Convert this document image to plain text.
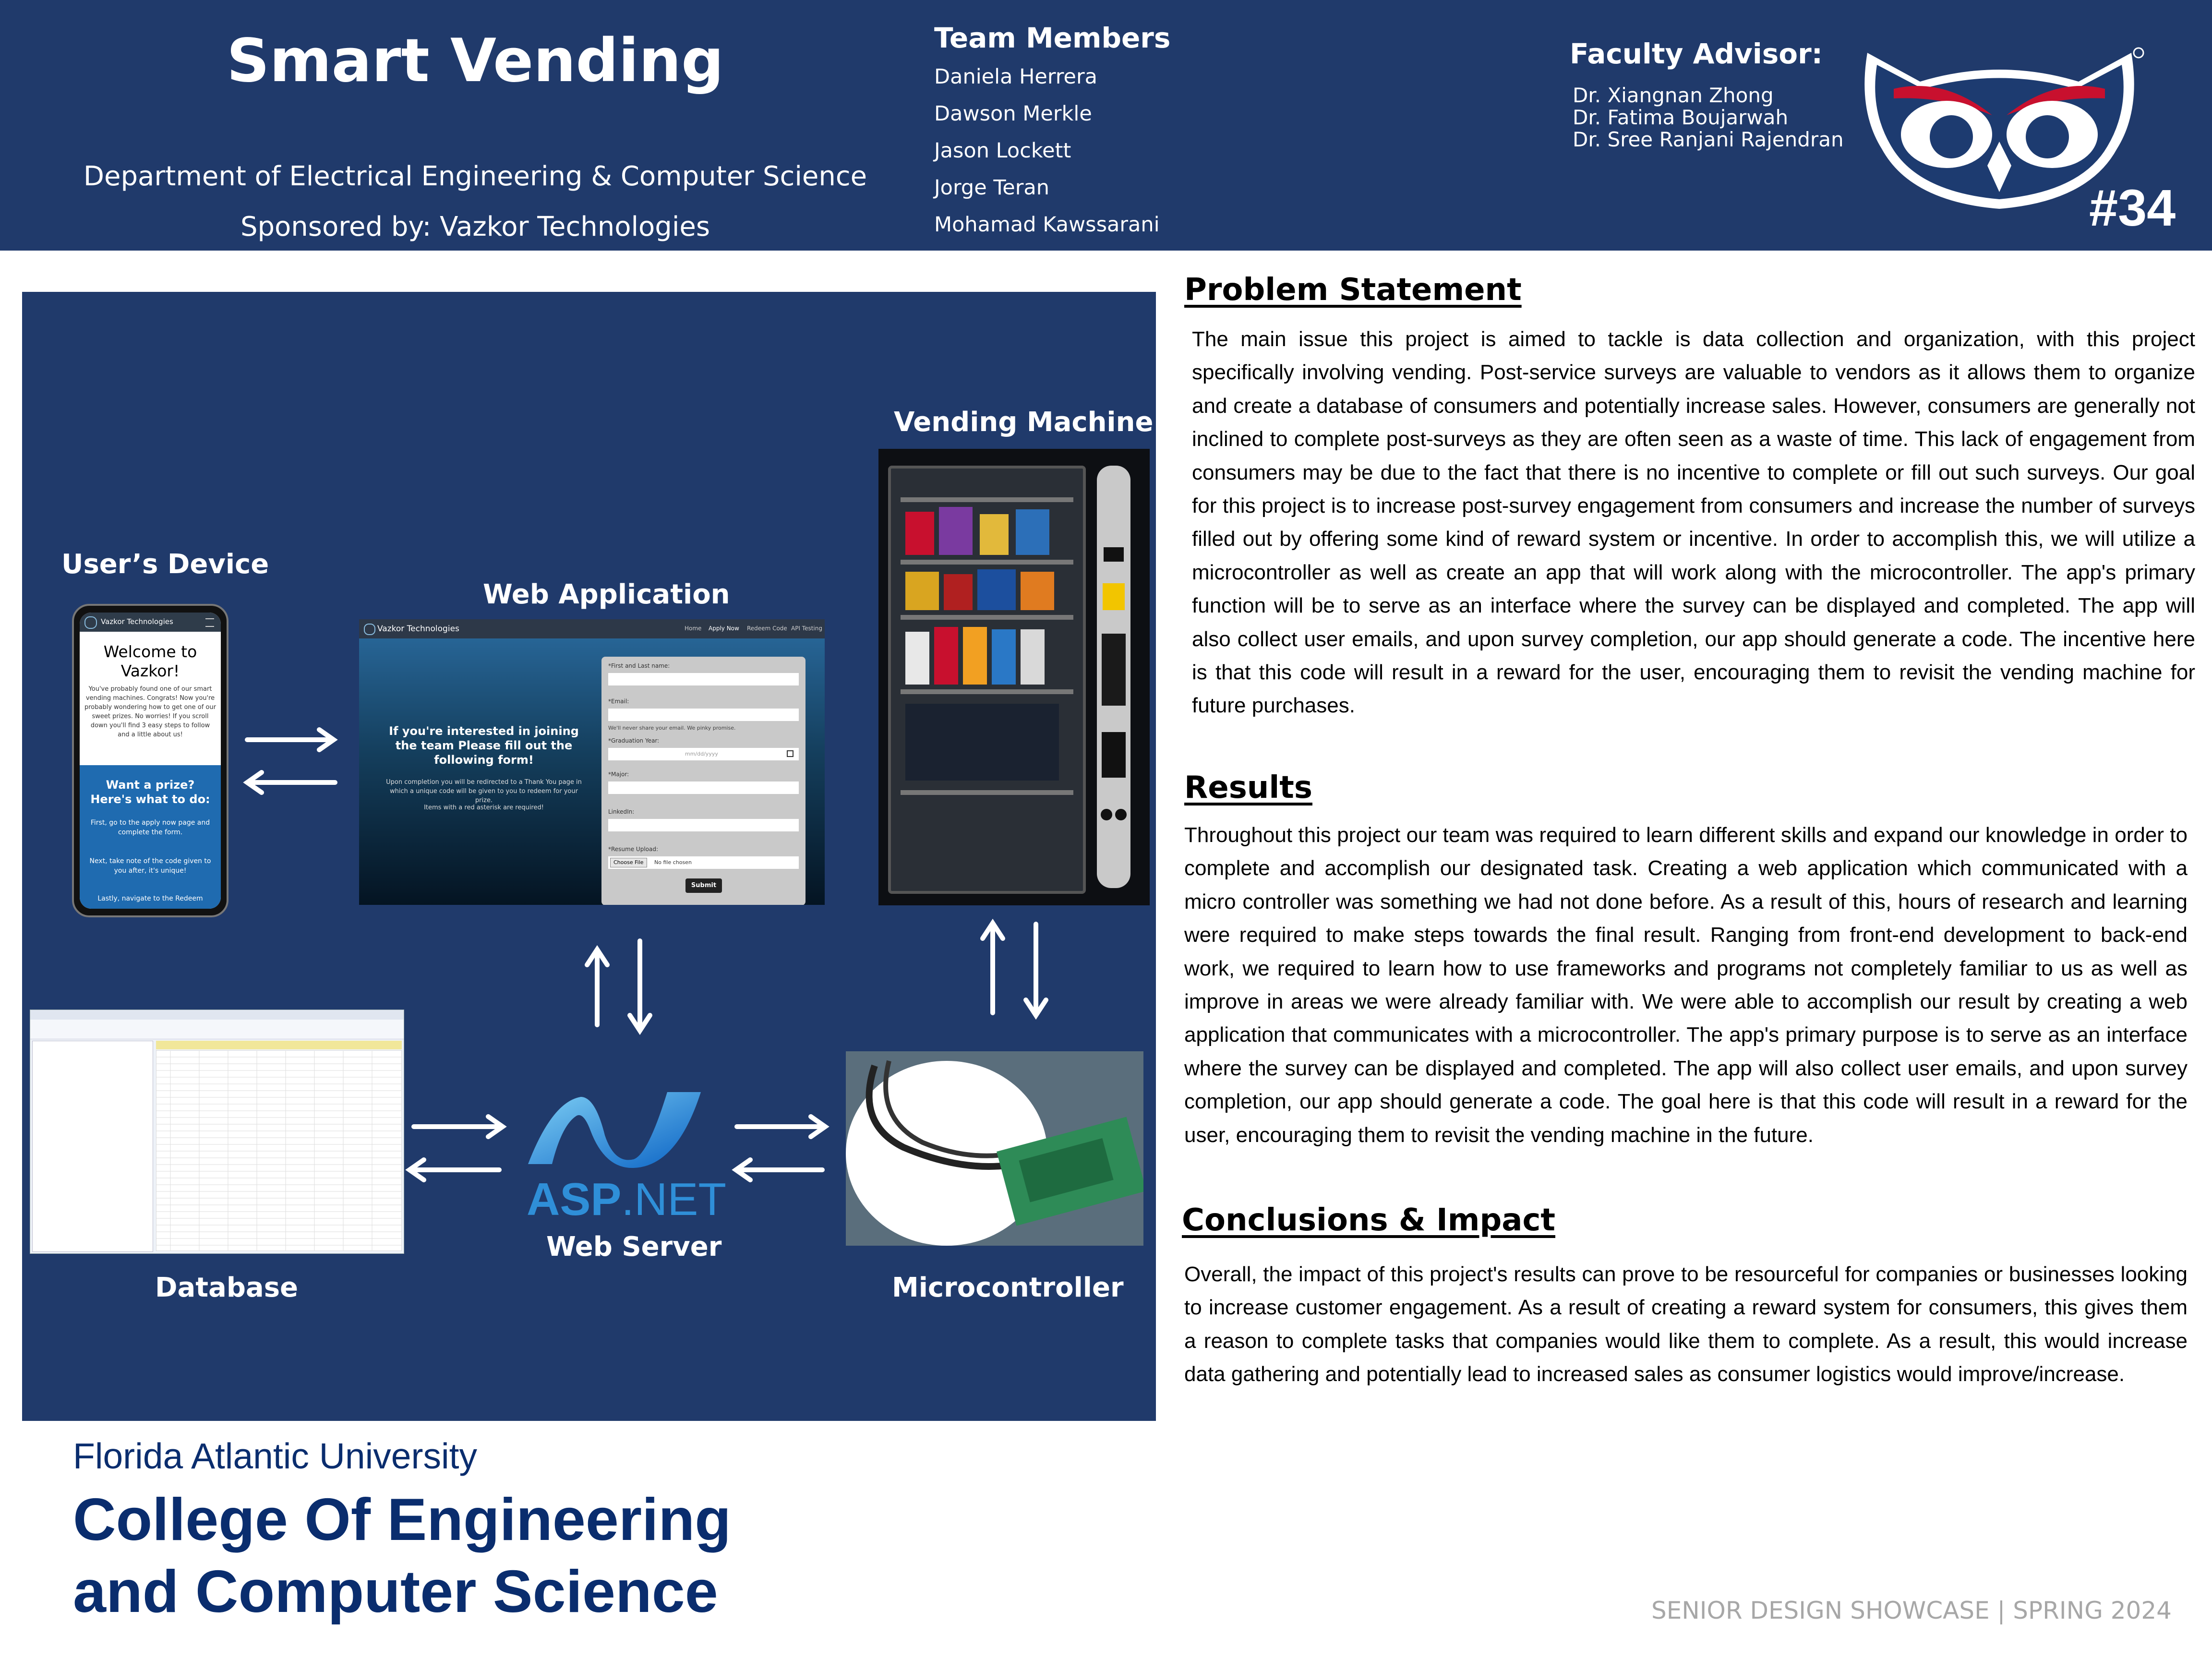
Smart Vending
Department of Electrical Engineering & Computer Science
Sponsored by: Vazkor Technologies
Team Members
Daniela Herrera
Dawson Merkle
Jason Lockett
Jorge Teran
Mohamad Kawssarani
Faculty Advisor:
Dr. Xiangnan Zhong
Dr. Fatima Boujarwah
Dr. Sree Ranjani Rajendran
#34
User’s Device
Web Application
Vending Machine
Database
Web Server
Microcontroller
Vazkor Technologies
Welcome to Vazkor!
You've probably found one of our smart vending machines. Congrats! Now you're probably wondering how to get one of our sweet prizes. No worries! If you scroll down you'll find 3 easy steps to follow and a little about us!
Want a prize? Here's what to do:
First, go to the apply now page and complete the form.
Next, take note of the code given to you after, it's unique!
Lastly, navigate to the Redeem
Vazkor Technologies	Home Apply Now Redeem Code API Testing
If you're interested in joining the team Please fill out the following form!
Upon completion you will be redirected to a Thank You page in which a unique code will be given to you to redeem for your prize.
Items with a red asterisk are required!
*First and Last name:
*Email:
We'll never share your email. We pinky promise.
*Graduation Year:
mm/dd/yyyy
*Major:
LinkedIn:
*Resume Upload:
Choose File	No file chosen
Submit
ASP.NET
Problem Statement
The main issue this project is aimed to tackle is data collection and organization, with this project specifically involving vending. Post-service surveys are valuable to vendors as it allows them to organize and create a database of consumers and potentially increase sales. However, consumers are generally not inclined to complete post-surveys as they are often seen as a waste of time. This lack of engagement from consumers may be due to the fact that there is no incentive to complete or fill out such surveys. Our goal for this project is to increase post-survey engagement from consumers and increase the number of surveys filled out by offering some kind of reward system or incentive. In order to accomplish this, we will utilize a microcontroller as well as create an app that will work along with the microcontroller. The app's primary function will be to serve as an interface where the survey can be displayed and completed. The app will also collect user emails, and upon survey completion, our app should generate a code. The incentive here is that this code will result in a reward for the user, encouraging them to revisit the vending machine for future purchases.
Results
Throughout this project our team was required to learn different skills and expand our knowledge in order to complete and accomplish our designated task. Creating a web application which communicated with a micro controller was something we had not done before. As a result of this, hours of research and learning were required to make steps towards the final result. Ranging from front-end development to back-end work, we required to learn how to use frameworks and programs not completely familiar to us as well as improve in areas we were already familiar with. We were able to accomplish our result by creating a web application that communicates with a microcontroller. The app's primary purpose is to serve as an interface where the survey can be displayed and completed. The app will also collect user emails, and upon survey completion, our app should generate a code. The goal here is that this code will result in a reward for the user, encouraging them to revisit the vending machine in the future.
Conclusions & Impact
Overall, the impact of this project's results can prove to be resourceful for companies or businesses looking to increase customer engagement. As a result of creating a reward system for consumers, this gives them a reason to complete tasks that companies would like them to complete. As a result, this would increase data gathering and potentially lead to increased sales as consumer logistics would improve/increase.
Florida Atlantic University
College Of Engineering
and Computer Science	SENIOR DESIGN SHOWCASE | SPRING 2024
